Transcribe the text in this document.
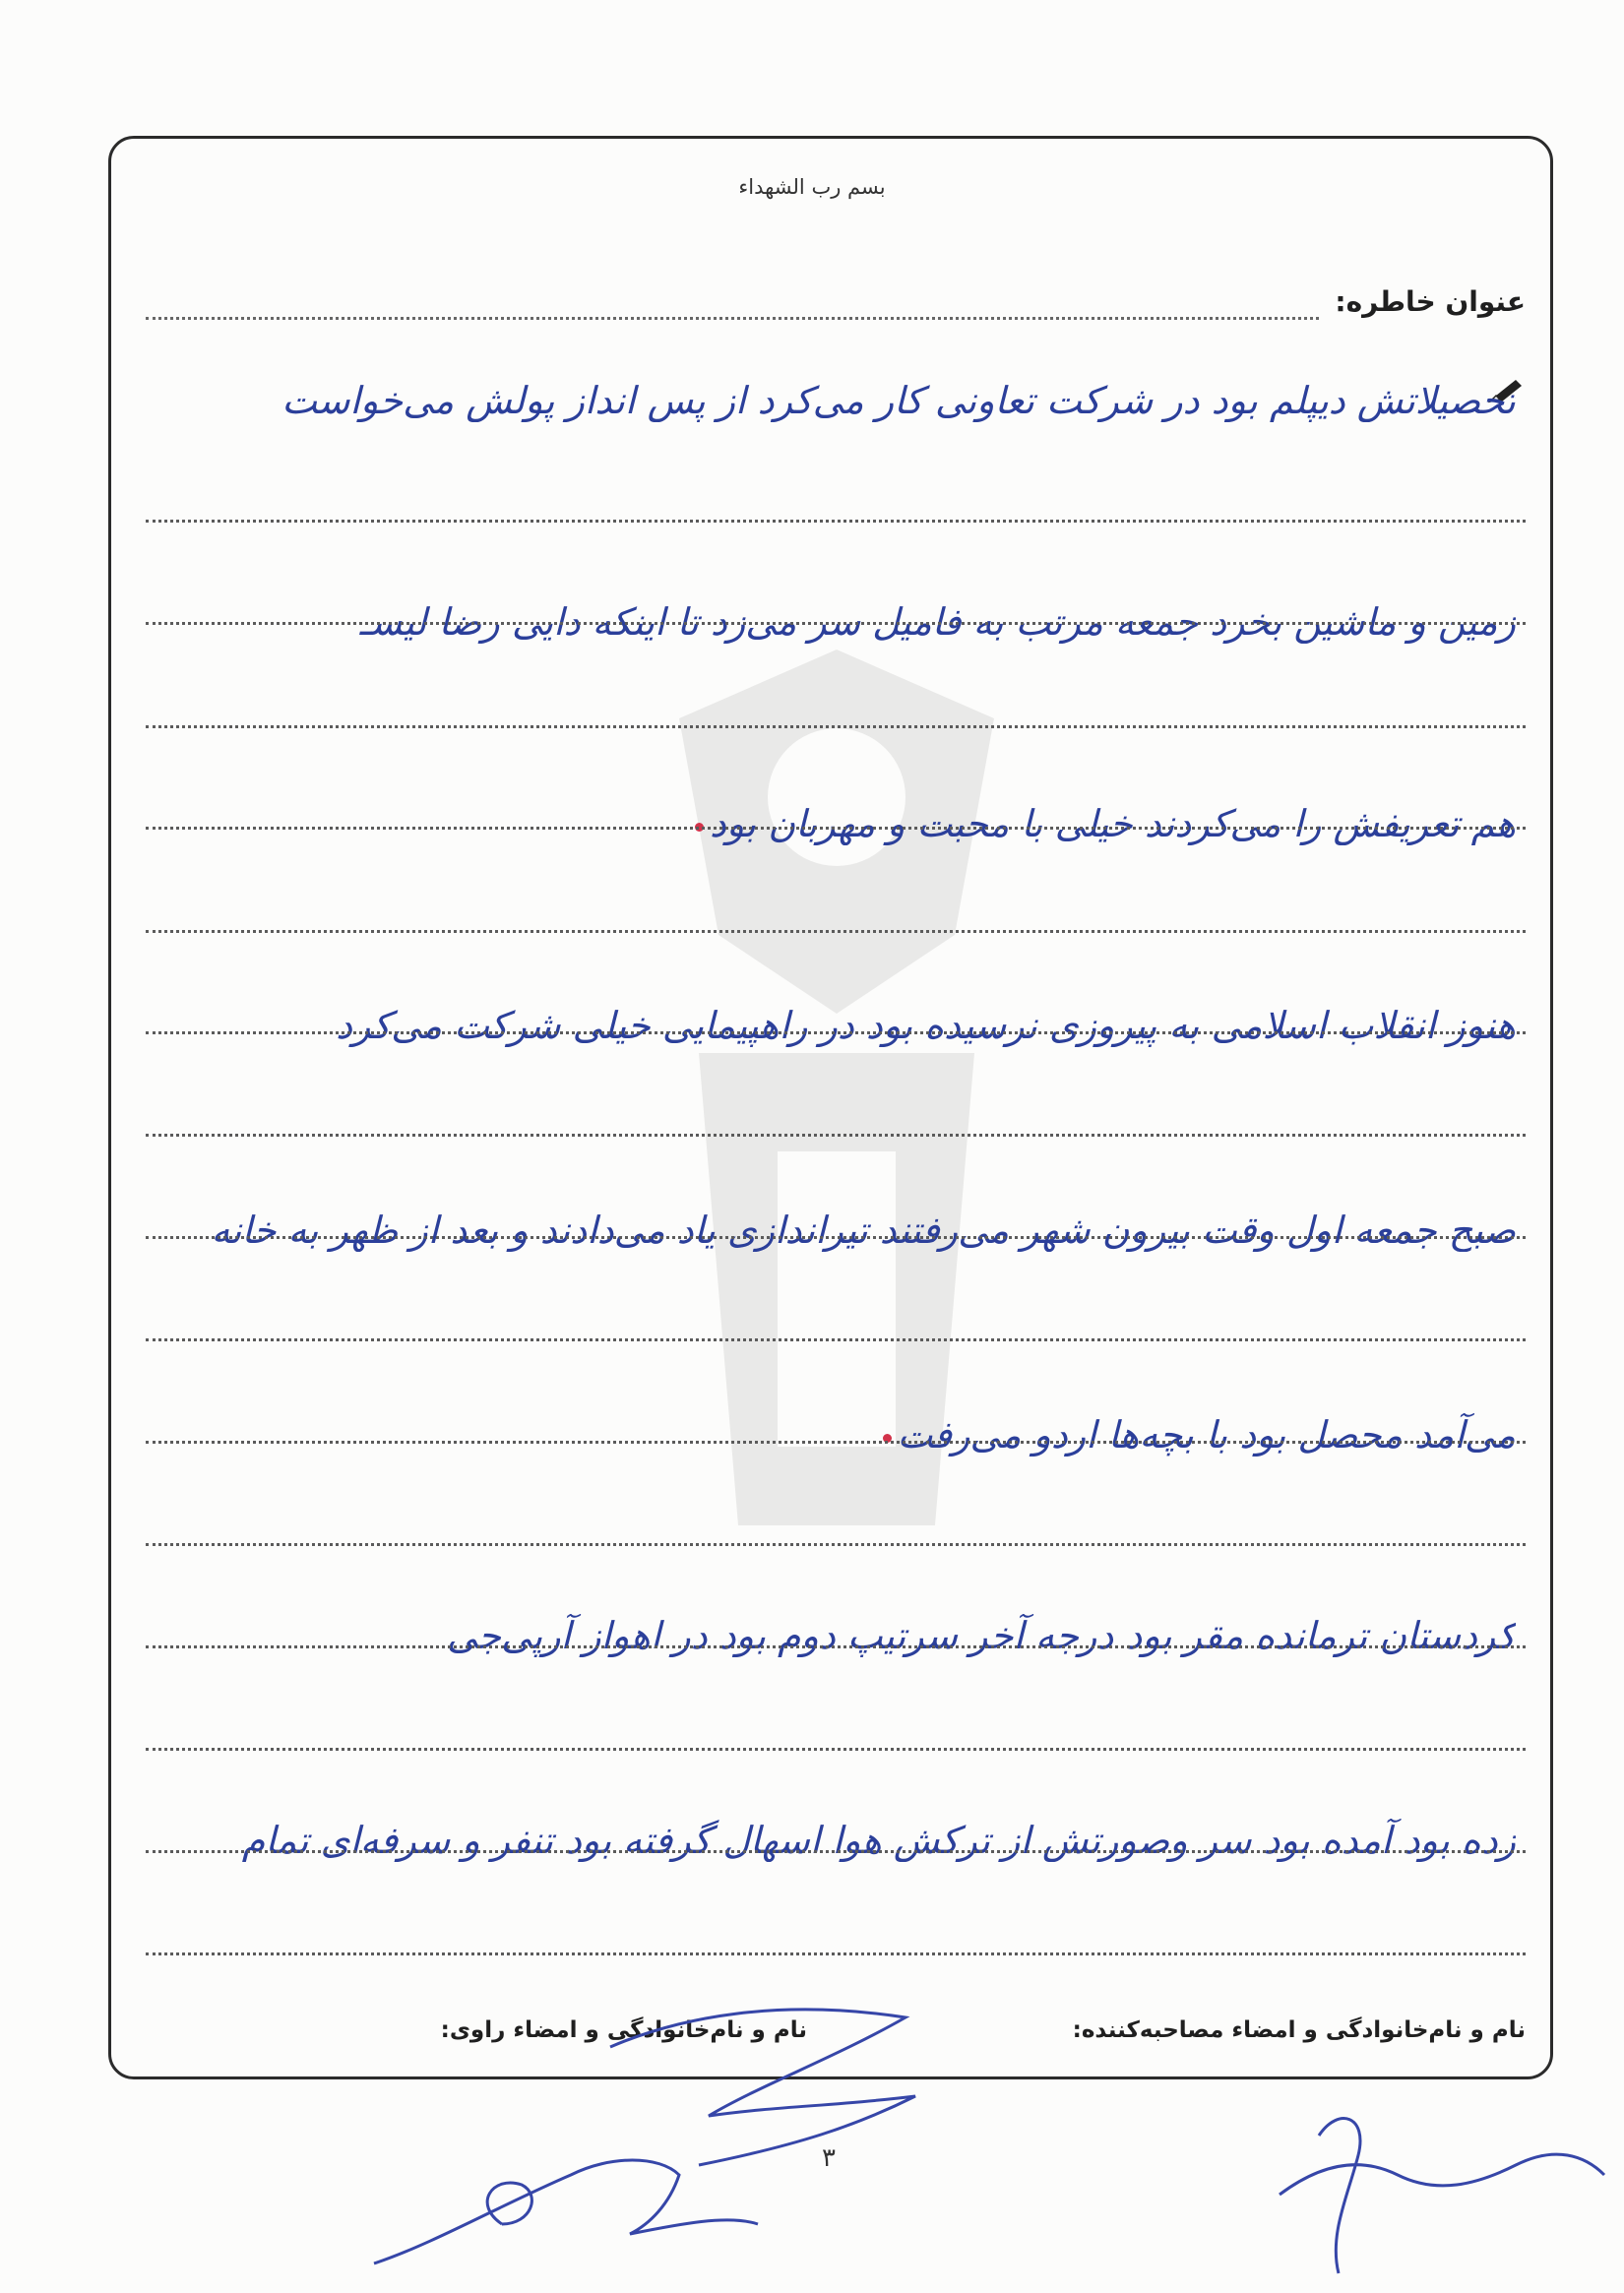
بسم رب الشهداء
عنوان خاطره:
تحصیلاتش دیپلم بود در شرکت تعاونی کار می‌کرد از پس انداز پولش می‌خواست
زمین و ماشین بخرد جمعه مرتب به فامیل سر می‌زد تا اینکه دایی رضا لیسـ
هم تعریفش را می‌کردند خیلی با محبت و مهربان بود
هنوز انقلاب اسلامی به پیروزی نرسیده بود در راهپیمایی خیلی شرکت می‌کرد
صبح جمعه اول وقت بیرون شهر می‌رفتند تیراندازی یاد می‌دادند و بعد از ظهر به خانه
می‌آمد محصل بود با بچه‌ها اردو می‌رفت
کردستان ترمانده مقر بود درجه آخر سرتیپ دوم بود در اهواز آرپی‌جی
زده بود آمده بود سر وصورتش از ترکش هوا اسهال گرفته بود تنفر و سرفه‌ای تمام
نام و نام‌خانوادگی و امضاء مصاحبه‌کننده:
نام و نام‌خانوادگی و امضاء راوی:
۳
